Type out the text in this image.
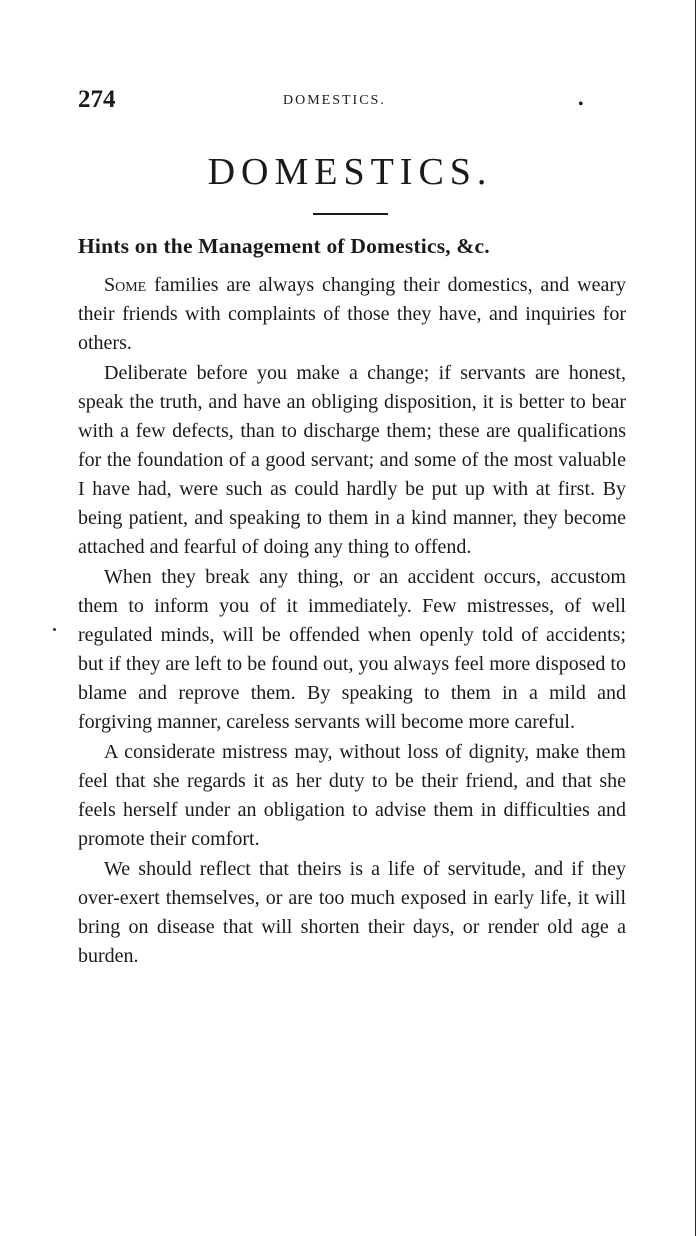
274	DOMESTICS.	•
DOMESTICS.
Hints on the Management of Domestics, &c.

Some families are always changing their domestics, and weary their friends with complaints of those they have, and inquiries for others.

Deliberate before you make a change; if servants are honest, speak the truth, and have an obliging disposition, it is better to bear with a few defects, than to discharge them; these are qualifications for the foundation of a good servant; and some of the most valuable I have had, were such as could hardly be put up with at first. By being patient, and speaking to them in a kind manner, they become attached and fearful of doing any thing to offend.

When they break any thing, or an accident occurs, accustom them to inform you of it immediately. Few mistresses, of well regulated minds, will be offended when openly told of accidents; but if they are left to be found out, you always feel more disposed to blame and reprove them. By speaking to them in a mild and forgiving manner, careless servants will become more careful.

A considerate mistress may, without loss of dignity, make them feel that she regards it as her duty to be their friend, and that she feels herself under an obligation to advise them in difficulties and promote their comfort.

We should reflect that theirs is a life of servitude, and if they over-exert themselves, or are too much exposed in early life, it will bring on disease that will shorten their days, or render old age a burden.
